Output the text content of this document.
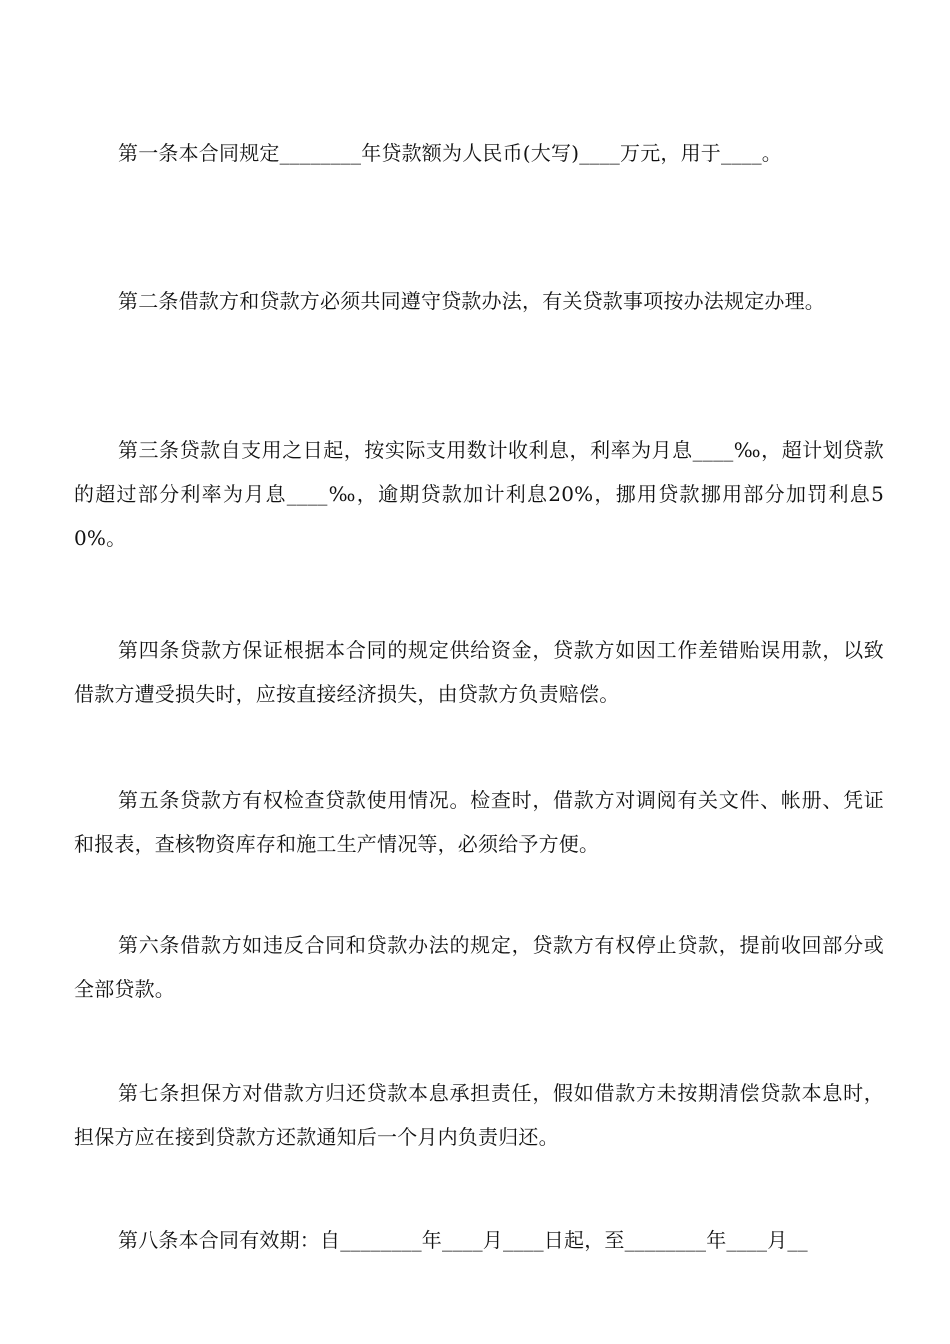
第一条本合同规定________年贷款额为人民币(大写)____万元，用于____。

第二条借款方和贷款方必须共同遵守贷款办法，有关贷款事项按办法规定办理。

第三条贷款自支用之日起，按实际支用数计收利息，利率为月息____‰，超计划贷款的超过部分利率为月息____‰，逾期贷款加计利息20%，挪用贷款挪用部分加罚利息50%。

第四条贷款方保证根据本合同的规定供给资金，贷款方如因工作差错贻误用款，以致借款方遭受损失时，应按直接经济损失，由贷款方负责赔偿。

第五条贷款方有权检查贷款使用情况。检查时，借款方对调阅有关文件、帐册、凭证和报表，查核物资库存和施工生产情况等，必须给予方便。

第六条借款方如违反合同和贷款办法的规定，贷款方有权停止贷款，提前收回部分或全部贷款。

第七条担保方对借款方归还贷款本息承担责任，假如借款方未按期清偿贷款本息时，担保方应在接到贷款方还款通知后一个月内负责归还。

第八条本合同有效期：自________年____月____日起，至________年____月__
